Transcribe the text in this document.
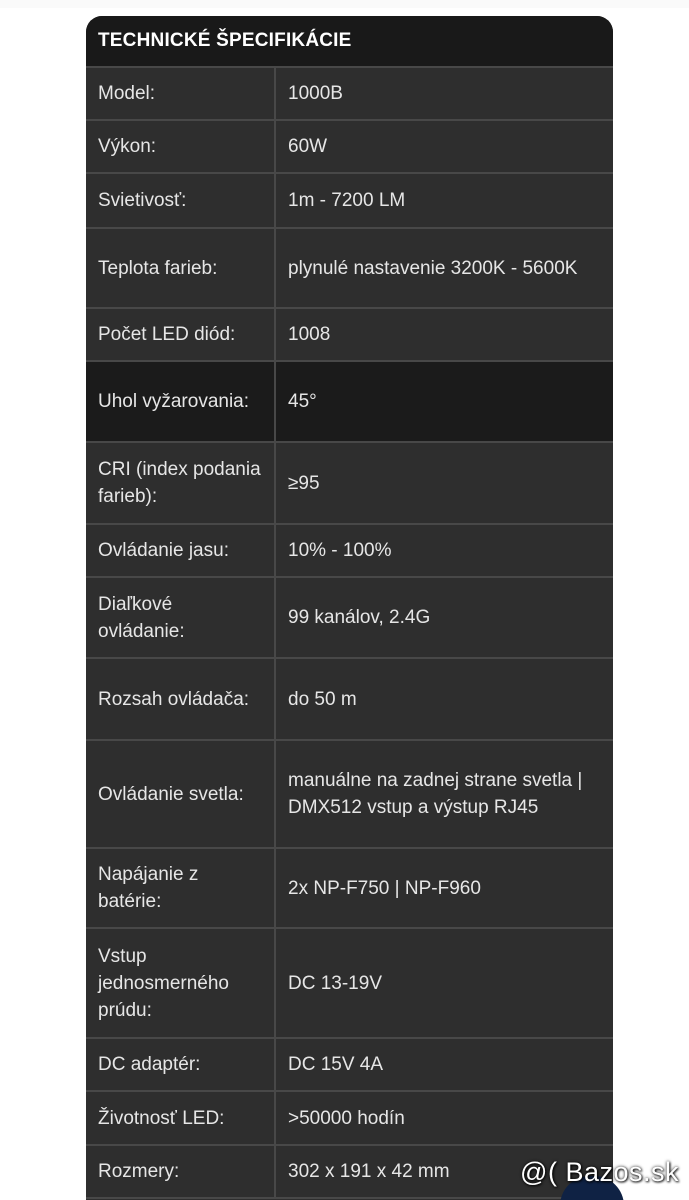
TECHNICKÉ ŠPECIFIKÁCIE
Model:	1000B
Výkon:	60W
Svietivosť:	1m - 7200 LM
Teplota farieb:	plynulé nastavenie 3200K - 5600K
Počet LED diód:	1008
Uhol vyžarovania:	45°
CRI (index podania farieb):	≥95
Ovládanie jasu:	10% - 100%
Diaľkové ovládanie:	99 kanálov, 2.4G
Rozsah ovládača:	do 50 m
Ovládanie svetla:	manuálne na zadnej strane svetla | DMX512 vstup a výstup RJ45
Napájanie z batérie:	2x NP-F750 | NP-F960
Vstup jednosmerného prúdu:	DC 13-19V
DC adaptér:	DC 15V 4A
Životnosť LED:	>50000 hodín
Rozmery:	302 x 191 x 42 mm	@( Bazos.sk
